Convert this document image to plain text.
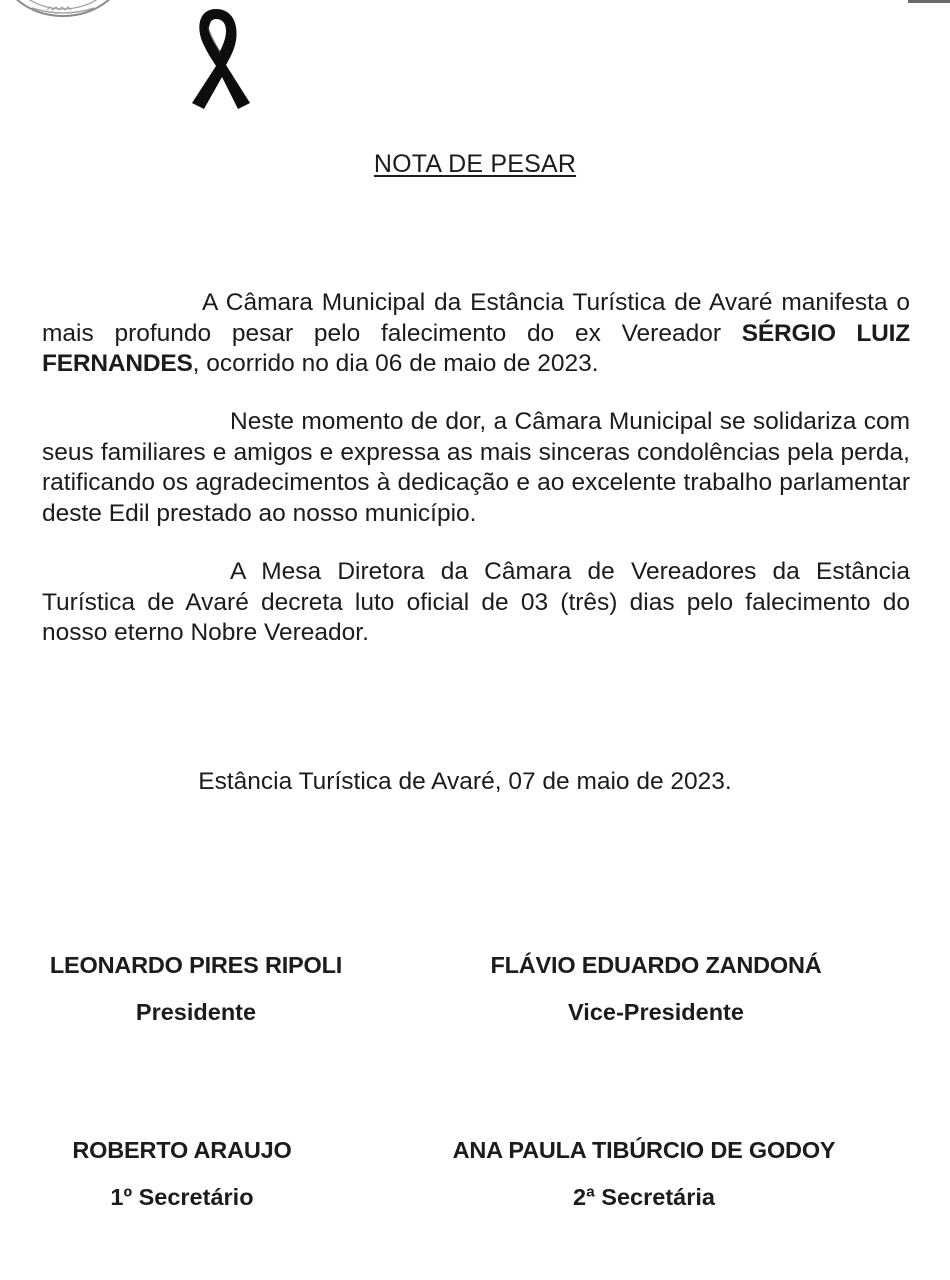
NOTA DE PESAR

A Câmara Municipal da Estância Turística de Avaré manifesta o mais profundo pesar pelo falecimento do ex Vereador SÉRGIO LUIZ FERNANDES, ocorrido no dia 06 de maio de 2023.

Neste momento de dor, a Câmara Municipal se solidariza com seus familiares e amigos e expressa as mais sinceras condolências pela perda, ratificando os agradecimentos à dedicação e ao excelente trabalho parlamentar deste Edil prestado ao nosso município.

A Mesa Diretora da Câmara de Vereadores da Estância Turística de Avaré decreta luto oficial de 03 (três) dias pelo falecimento do nosso eterno Nobre Vereador.

Estância Turística de Avaré, 07 de maio de 2023.
LEONARDO PIRES RIPOLI
Presidente
FLÁVIO EDUARDO ZANDONÁ
Vice-Presidente
ROBERTO ARAUJO
1º Secretário
ANA PAULA TIBÚRCIO DE GODOY
2ª Secretária
